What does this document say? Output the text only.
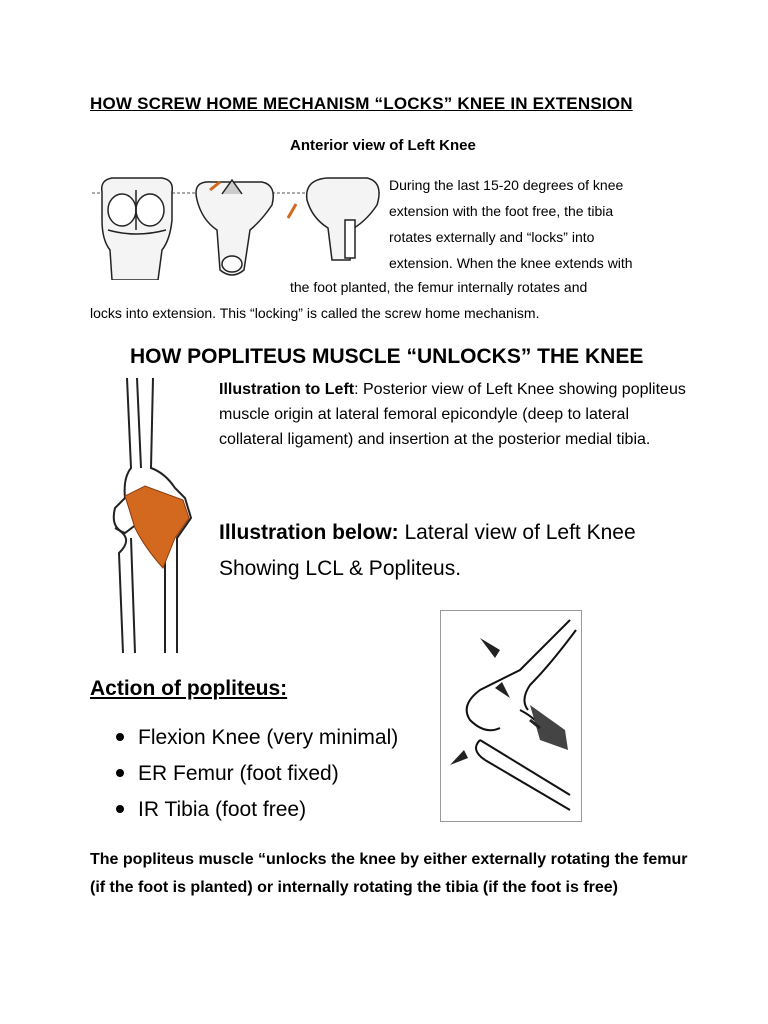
HOW SCREW HOME MECHANISM “LOCKS” KNEE IN EXTENSION
Anterior view of Left Knee
During the last 15-20 degrees of knee
extension with the foot free, the tibia
rotates externally and “locks” into
extension. When the knee extends with
the foot planted, the femur internally rotates and
locks into extension. This “locking” is called the screw home mechanism.
HOW POPLITEUS MUSCLE “UNLOCKS” THE KNEE
Illustration to Left: Posterior view of Left Knee showing popliteus muscle origin at lateral femoral epicondyle (deep to lateral collateral ligament) and insertion at the posterior medial tibia.
Illustration below: Lateral view of Left Knee Showing LCL & Popliteus.
Action of popliteus:
Flexion Knee (very minimal)
ER Femur (foot fixed)
IR Tibia (foot free)
The popliteus muscle “unlocks the knee by either externally rotating the femur (if the foot is planted) or internally rotating the tibia (if the foot is free)
